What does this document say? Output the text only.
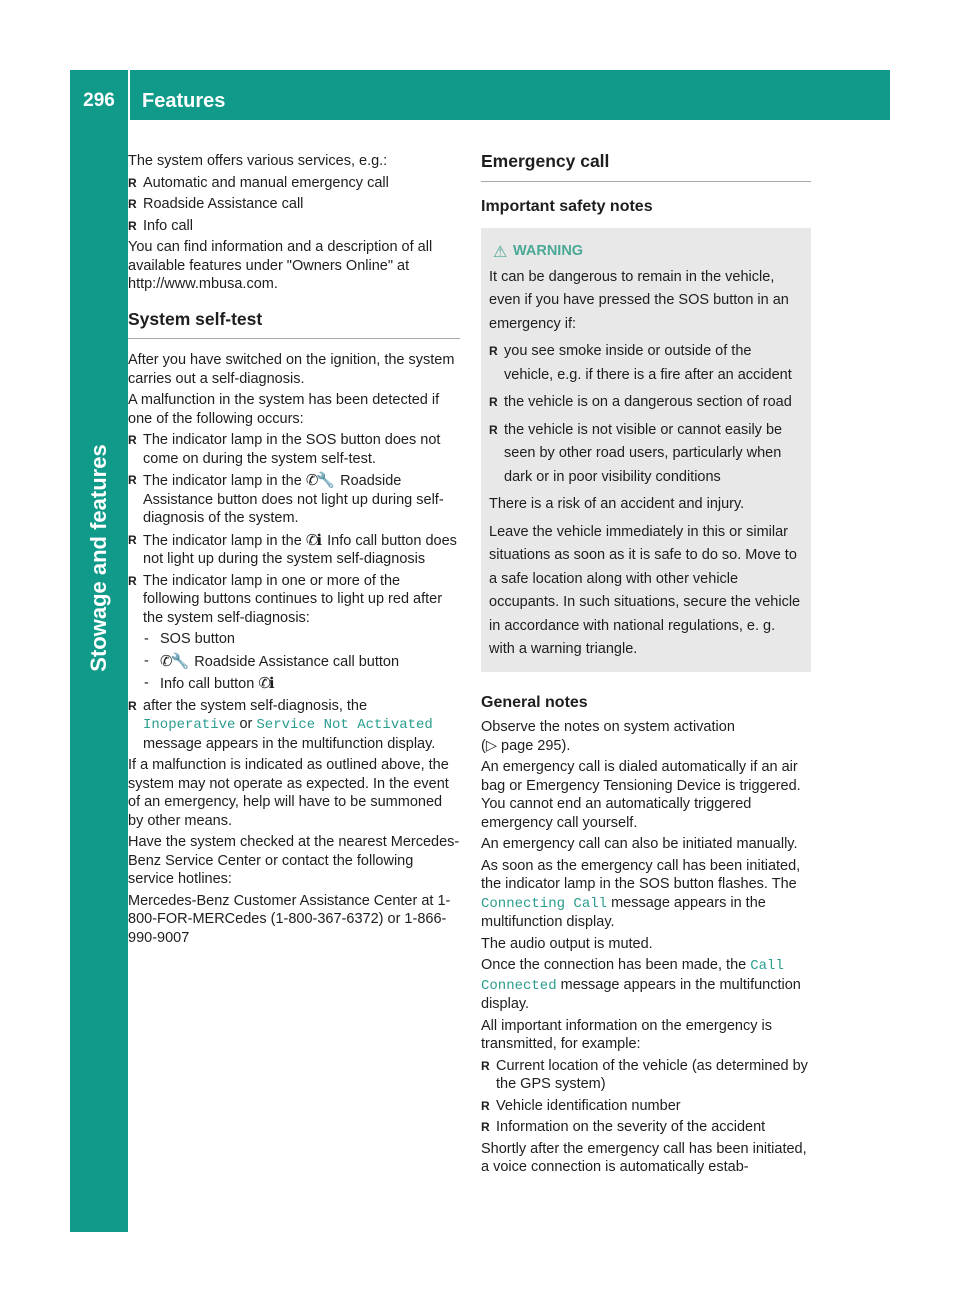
296	Features
Stowage and features

The system offers various services, e.g.:

R Automatic and manual emergency call
R Roadside Assistance call
R Info call

You can find information and a description of all available features under "Owners Online" at http://www.mbusa.com.

System self-test

After you have switched on the ignition, the system carries out a self-diagnosis.

A malfunction in the system has been detected if one of the following occurs:

R The indicator lamp in the SOS button does not come on during the system self-test.
R The indicator lamp in the ✆🔧 Roadside Assistance button does not light up during self-diagnosis of the system.
R The indicator lamp in the ✆ℹ Info call button does not light up during the system self-diagnosis
R The indicator lamp in one or more of the following buttons continues to light up red after the system self-diagnosis:
- SOS button
- ✆🔧 Roadside Assistance call button
- Info call button ✆ℹ
R after the system self-diagnosis, the Inoperative or Service Not Activated message appears in the multifunction display.

If a malfunction is indicated as outlined above, the system may not operate as expected. In the event of an emergency, help will have to be summoned by other means.

Have the system checked at the nearest Mercedes-Benz Service Center or contact the following service hotlines:

Mercedes-Benz Customer Assistance Center at 1-800-FOR-MERCedes (1-800-367-6372) or 1-866-990-9007

Emergency call
Important safety notes
⚠ WARNING

It can be dangerous to remain in the vehicle, even if you have pressed the SOS button in an emergency if:

R you see smoke inside or outside of the vehicle, e.g. if there is a fire after an accident
R the vehicle is on a dangerous section of road
R the vehicle is not visible or cannot easily be seen by other road users, particularly when dark or in poor visibility conditions

There is a risk of an accident and injury.

Leave the vehicle immediately in this or similar situations as soon as it is safe to do so. Move to a safe location along with other vehicle occupants. In such situations, secure the vehicle in accordance with national regulations, e. g. with a warning triangle.

General notes

Observe the notes on system activation
(▷ page 295).

An emergency call is dialed automatically if an air bag or Emergency Tensioning Device is triggered. You cannot end an automatically triggered emergency call yourself.

An emergency call can also be initiated manually.

As soon as the emergency call has been initiated, the indicator lamp in the SOS button flashes. The Connecting Call message appears in the multifunction display.

The audio output is muted.

Once the connection has been made, the Call Connected message appears in the multifunction display.

All important information on the emergency is transmitted, for example:

R Current location of the vehicle (as determined by the GPS system)
R Vehicle identification number
R Information on the severity of the accident

Shortly after the emergency call has been initiated, a voice connection is automatically estab-
